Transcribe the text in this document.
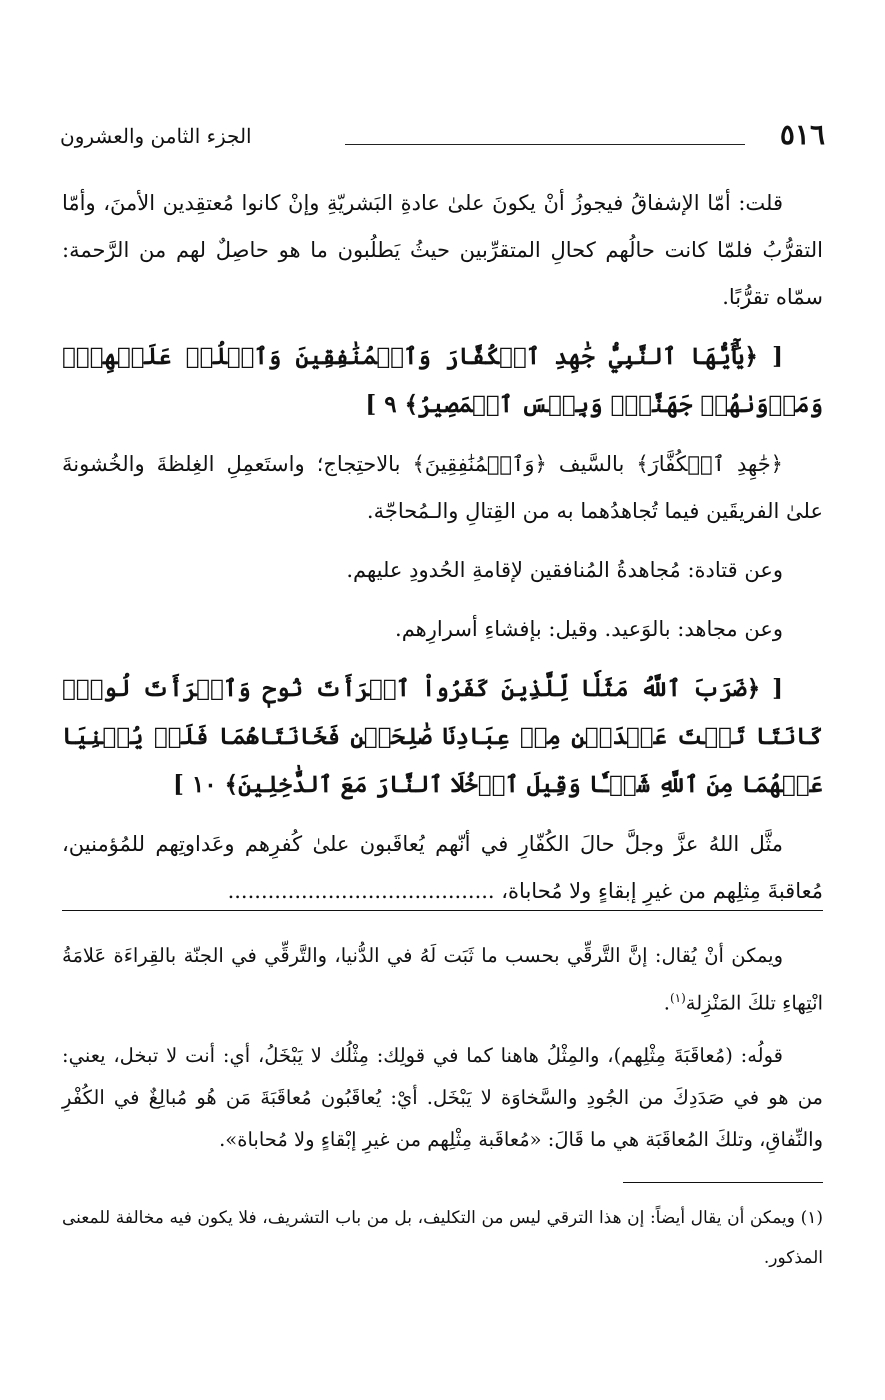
٥١٦
الجزء الثامن والعشرون

قلت: أمّا الإشفاقُ فيجوزُ أنْ يكونَ علىٰ عادةِ البَشريّةِ وإنْ كانوا مُعتقِدين الأمنَ، وأمّا التقرُّبُ فلمّا كانت حالُهم كحالِ المتقرِّبين حيثُ يَطلُبون ما هو حاصِلٌ لهم من الرَّحمة: سمّاه تقرُّبًا.

[ ﴿يَٰٓأَيُّهَا ٱلنَّبِيُّ جَٰهِدِ ٱلۡكُفَّارَ وَٱلۡمُنَٰفِقِينَ وَٱغۡلُظۡ عَلَيۡهِمۡۚ وَمَأۡوَىٰهُمۡ جَهَنَّمُۖ وَبِئۡسَ ٱلۡمَصِيرُ﴾ ٩ ]

﴿جَٰهِدِ ٱلۡكُفَّارَ﴾ بالسَّيف ﴿وَٱلۡمُنَٰفِقِينَ﴾ بالاحتِجاج؛ واستَعمِلِ الغِلظةَ والخُشونةَ علىٰ الفريقَين فيما تُجاهدُهما به من القِتالِ والـمُحاجّة.

وعن قتادة: مُجاهدةُ المُنافقين لإقامةِ الحُدودِ عليهم.

وعن مجاهد: بالوَعيد. وقيل: بإفشاءِ أسرارِهم.

[ ﴿ضَرَبَ ٱللَّهُ مَثَلٗا لِّلَّذِينَ كَفَرُواْ ٱمۡرَأَتَ نُوحٖ وَٱمۡرَأَتَ لُوطٖۖ كَانَتَا تَحۡتَ عَبۡدَيۡنِ مِنۡ عِبَادِنَا صَٰلِحَيۡنِ فَخَانَتَاهُمَا فَلَمۡ يُغۡنِيَا عَنۡهُمَا مِنَ ٱللَّهِ شَيۡـٔٗا وَقِيلَ ٱدۡخُلَا ٱلنَّارَ مَعَ ٱلدَّٰخِلِينَ﴾ ١٠ ]

مثَّل اللهُ عزَّ وجلَّ حالَ الكُفّارِ في أنّهم يُعاقَبون علىٰ كُفرِهم وعَداوتِهم للمُؤمنين، مُعاقبةَ مِثلِهم من غيرِ إبقاءٍ ولا مُحاباة، ........................................

ويمكن أنْ يُقال: إنَّ التَّرقِّي بحسب ما ثَبَت لَهُ في الدُّنيا، والتَّرقِّي في الجنّة بالقِراءَة عَلامَةُ انْتِهاءِ تلكَ المَنْزِلة$^{(١)}$.

قولُه: (مُعاقَبَةَ مِثْلِهم)، والمِثْلُ هاهنا كما في قولِك: مِثْلُك لا يَبْخَلُ، أي: أنت لا تبخل، يعني: من هو في صَدَدِكَ من الجُودِ والسَّخاوَة لا يَبْخَل. أيْ: يُعاقَبُون مُعاقَبَةَ مَن هُو مُبالِغٌ في الكُفْرِ والنِّفاقِ، وتلكَ المُعاقَبَة هي ما قَالَ: «مُعاقَبة مِثْلِهم من غيرِ إبْقاءٍ ولا مُحاباة».

(١) ويمكن أن يقال أيضاً: إن هذا الترقي ليس من التكليف، بل من باب التشريف، فلا يكون فيه مخالفة للمعنى المذكور.
